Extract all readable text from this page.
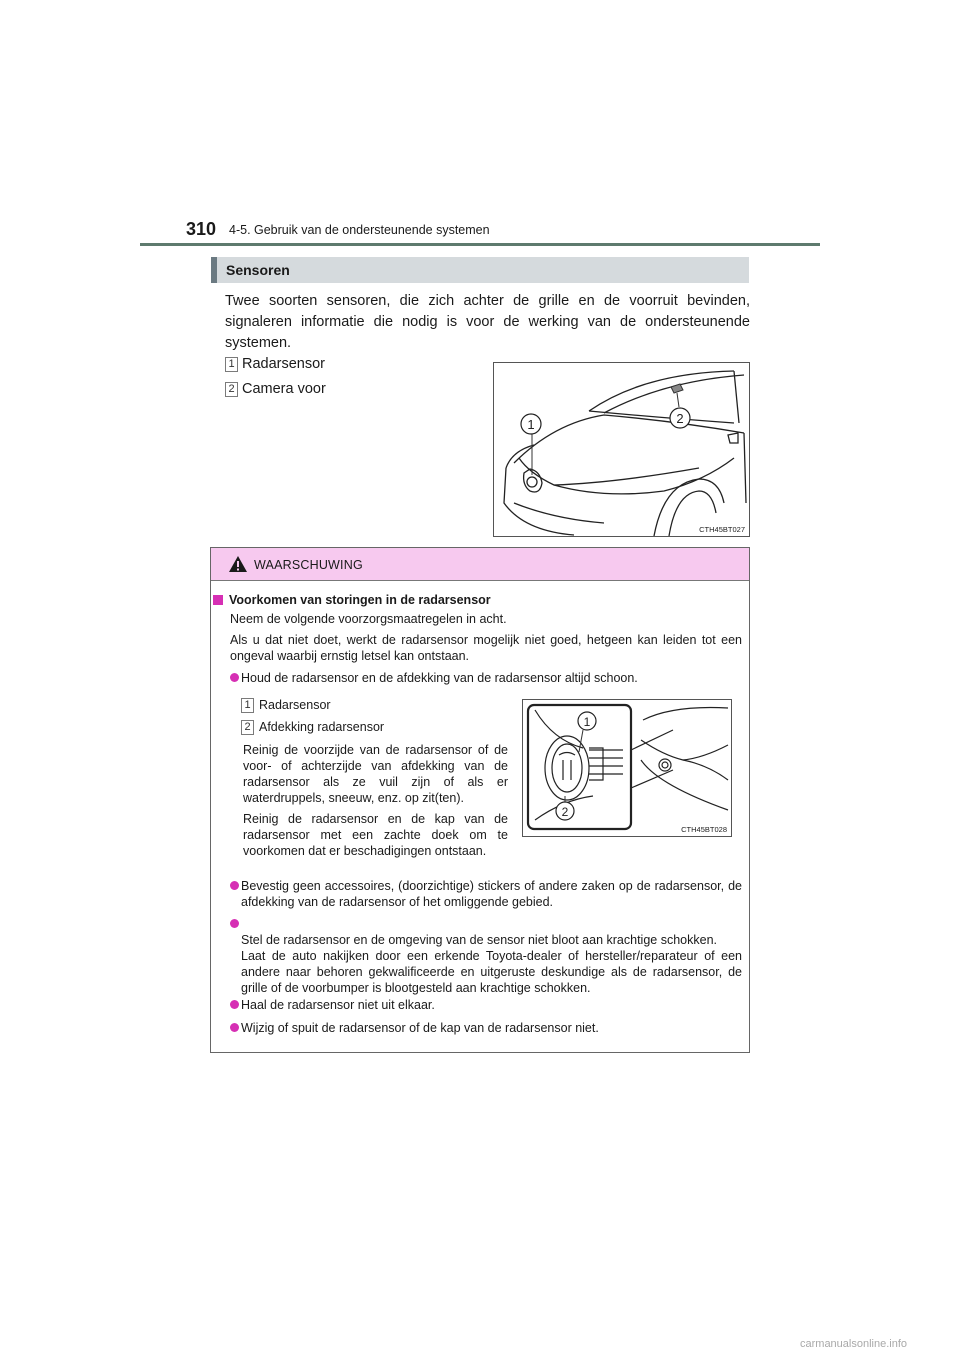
310 4-5. Gebruik van de ondersteunende systemen
Sensoren
Twee soorten sensoren, die zich achter de grille en de voorruit bevinden, signaleren informatie die nodig is voor de werking van de ondersteunende systemen.
1 Radarsensor
2 Camera voor
1	2
CTH45BT027
WAARSCHUWING
Voorkomen van storingen in de radarsensor
Neem de volgende voorzorgsmaatregelen in acht.
Als u dat niet doet, werkt de radarsensor mogelijk niet goed, hetgeen kan leiden tot een ongeval waarbij ernstig letsel kan ontstaan.
Houd de radarsensor en de afdekking van de radarsensor altijd schoon.
1 Radarsensor
2 Afdekking radarsensor
Reinig de voorzijde van de radarsensor of de voor- of achterzijde van afdekking van de radarsensor als ze vuil zijn of als er waterdruppels, sneeuw, enz. op zit(ten).
Reinig de radarsensor en de kap van de radarsensor met een zachte doek om te voorkomen dat er beschadigingen ontstaan.
1
2
CTH45BT028
Bevestig geen accessoires, (doorzichtige) stickers of andere zaken op de radarsensor, de afdekking van de radarsensor of het omliggende gebied.

Stel de radarsensor en de omgeving van de sensor niet bloot aan krachtige schokken.
Laat de auto nakijken door een erkende Toyota-dealer of hersteller/reparateur of een andere naar behoren gekwalificeerde en uitgeruste deskundige als de radarsensor, de grille of de voorbumper is blootgesteld aan krachtige schokken.

Haal de radarsensor niet uit elkaar.
Wijzig of spuit de radarsensor of de kap van de radarsensor niet.
carmanualsonline.info
